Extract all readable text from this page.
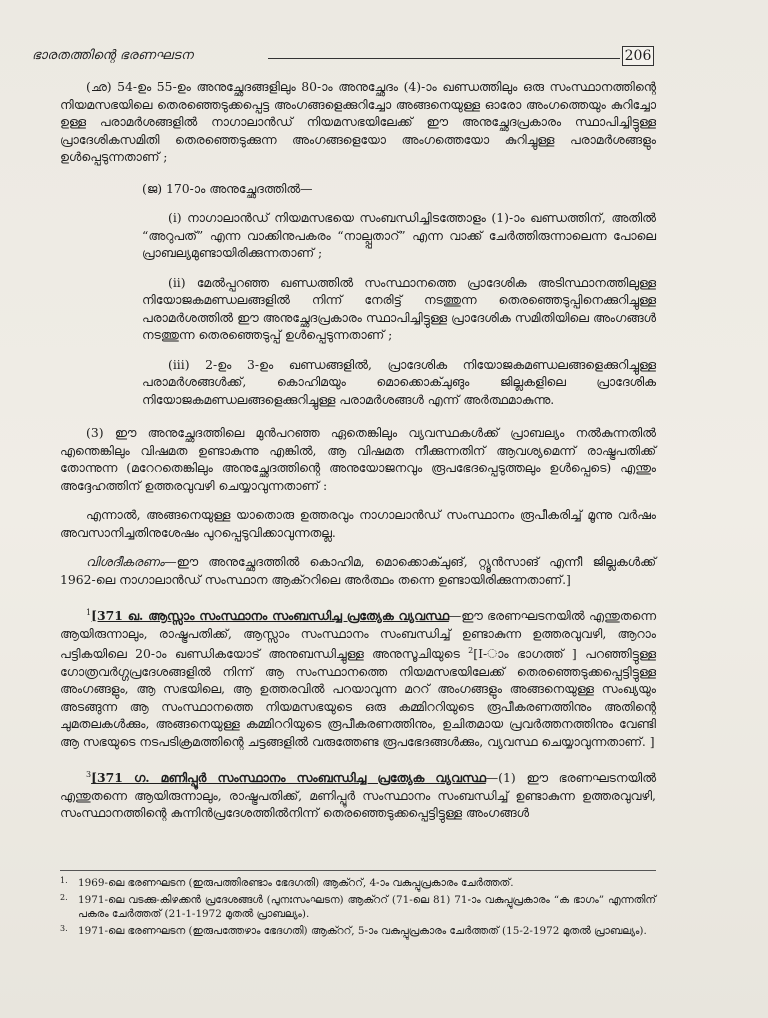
ഭാരതത്തിന്റെ ഭരണഘടന	206

(ഛ) 54-ഉം 55-ഉം അനുച്ഛേദങ്ങളിലും 80-ാം അനുച്ഛേദം (4)-ാം ഖണ്ഡത്തിലും ഒരു സംസ്ഥാനത്തിന്റെ നിയമസഭയിലെ തെരഞ്ഞെടുക്കപ്പെട്ട അംഗങ്ങളെക്കുറിച്ചോ അങ്ങനെയുള്ള ഓരോ അംഗത്തെയും കുറിച്ചോ ഉള്ള പരാമർശങ്ങളിൽ നാഗാലാൻഡ് നിയമസഭയിലേക്ക് ഈ അനുച്ഛേദപ്രകാരം സ്ഥാപിച്ചിട്ടുള്ള പ്രാദേശികസമിതി തെരഞ്ഞെടുക്കുന്ന അംഗങ്ങളെയോ അംഗത്തെയോ കുറിച്ചുള്ള പരാമർശങ്ങളും ഉൾപ്പെടുന്നതാണ് ;

(ജ) 170-ാം അനുച്ഛേദത്തിൽ—

(i) നാഗാലാൻഡ് നിയമസഭയെ സംബന്ധിച്ചിടത്തോളം (1)-ാം ഖണ്ഡത്തിന്, അതിൽ “അറുപത്” എന്ന വാക്കിനുപകരം “നാല്പ്പതാറ്” എന്ന വാക്ക് ചേർത്തിരുന്നാലെന്ന പോലെ പ്രാബല്യമുണ്ടായിരിക്കുന്നതാണ് ;

(ii) മേൽപ്പറഞ്ഞ ഖണ്ഡത്തിൽ സംസ്ഥാനത്തെ പ്രാദേശിക അടിസ്ഥാനത്തിലുള്ള നിയോജകമണ്ഡലങ്ങളിൽ നിന്ന് നേരിട്ട് നടത്തുന്ന തെരഞ്ഞെടുപ്പിനെക്കുറിച്ചുള്ള പരാമർശത്തിൽ ഈ അനുച്ഛേദപ്രകാരം സ്ഥാപിച്ചിട്ടുള്ള പ്രാദേശിക സമിതിയിലെ അംഗങ്ങൾ നടത്തുന്ന തെരഞ്ഞെടുപ്പ് ഉൾപ്പെടുന്നതാണ് ;

(iii) 2-ഉം 3-ഉം ഖണ്ഡങ്ങളിൽ, പ്രാദേശിക നിയോജകമണ്ഡലങ്ങളെക്കുറിച്ചുള്ള പരാമർശങ്ങൾക്ക്, കൊഹിമയും മൊക്കൊക്ചുങും ജില്ലകളിലെ പ്രാദേശിക നിയോജകമണ്ഡലങ്ങളെക്കുറിച്ചുള്ള പരാമർശങ്ങൾ എന്ന് അർത്ഥമാകുന്നു.

(3) ഈ അനുച്ഛേദത്തിലെ മുൻപറഞ്ഞ ഏതെങ്കിലും വ്യവസ്ഥകൾക്ക് പ്രാബല്യം നൽകുന്നതിൽ എന്തെങ്കിലും വിഷമത ഉണ്ടാകുന്നു എങ്കിൽ, ആ വിഷമത നീക്കുന്നതിന് ആവശ്യമെന്ന് രാഷ്ട്രപതിക്ക് തോന്നുന്ന (മറേറതെങ്കിലും അനുച്ഛേദത്തിന്റെ അനുയോജനവും രൂപഭേദപ്പെടുത്തലും ഉൾപ്പെടെ) എന്തും അദ്ദേഹത്തിന് ഉത്തരവുവഴി ചെയ്യാവുന്നതാണ് :

എന്നാൽ, അങ്ങനെയുള്ള യാതൊരു ഉത്തരവും നാഗാലാൻഡ് സംസ്ഥാനം രൂപീകരിച്ച് മൂന്നു വർഷം അവസാനിച്ചതിനുശേഷം പുറപ്പെടുവിക്കാവുന്നതല്ല.

വിശദീകരണം—ഈ അനുച്ഛേദത്തിൽ കൊഹിമ, മൊക്കൊക്ചുങ്, റ്റ്യൂൻസാങ് എന്നീ ജില്ലകൾക്ക് 1962-ലെ നാഗാലാൻഡ് സംസ്ഥാന ആക്ററിലെ അർത്ഥം തന്നെ ഉണ്ടായിരിക്കുന്നതാണ്.]

$^1$[371 ഖ. ആസ്സാം സംസ്ഥാനം സംബന്ധിച്ച പ്രത്യേക വ്യവസ്ഥ—ഈ ഭരണഘടനയിൽ എന്തുതന്നെ ആയിരുന്നാലും, രാഷ്ട്രപതിക്ക്, ആസ്സാം സംസ്ഥാനം സംബന്ധിച്ച് ഉണ്ടാകുന്ന ഉത്തരവുവഴി, ആറാം പട്ടികയിലെ 20-ാം ഖണ്ഡികയോട് അനുബന്ധിച്ചുള്ള അനുസൂചിയുടെ $^2$[I-ാം ഭാഗത്ത് ] പറഞ്ഞിട്ടുള്ള ഗോത്രവർഗ്ഗപ്രദേശങ്ങളിൽ നിന്ന് ആ സംസ്ഥാനത്തെ നിയമസഭയിലേക്ക് തെരഞ്ഞെടുക്കപ്പെട്ടിട്ടുള്ള അംഗങ്ങളും, ആ സഭയിലെ, ആ ഉത്തരവിൽ പറയാവുന്ന മററ് അംഗങ്ങളും അങ്ങനെയുള്ള സംഖ്യയും അടങ്ങുന്ന ആ സംസ്ഥാനത്തെ നിയമസഭയുടെ ഒരു കമ്മിററിയുടെ രൂപീകരണത്തിനും അതിന്റെ ചുമതലകൾക്കും, അങ്ങനെയുള്ള കമ്മിററിയുടെ രൂപീകരണത്തിനും, ഉചിതമായ പ്രവർത്തനത്തിനും വേണ്ടി ആ സഭയുടെ നടപടിക്രമത്തിന്റെ ചട്ടങ്ങളിൽ വരുത്തേണ്ട രൂപഭേദങ്ങൾക്കും, വ്യവസ്ഥ ചെയ്യാവുന്നതാണ്. ]

$^3$[371 ഗ. മണിപ്പൂർ സംസ്ഥാനം സംബന്ധിച്ച പ്രത്യേക വ്യവസ്ഥ—(1) ഈ ഭരണഘടനയിൽ എന്തുതന്നെ ആയിരുന്നാലും, രാഷ്ട്രപതിക്ക്, മണിപ്പൂർ സംസ്ഥാനം സംബന്ധിച്ച് ഉണ്ടാകുന്ന ഉത്തരവുവഴി, സംസ്ഥാനത്തിന്റെ കുന്നിൻപ്രദേശത്തിൽനിന്ന് തെരഞ്ഞെടുക്കപ്പെട്ടിട്ടുള്ള അംഗങ്ങൾ

1. 1969-ലെ ഭരണഘടന (ഇരുപത്തിരണ്ടാം ഭേദഗതി) ആക്ററ്, 4-ാം വകുപ്പുപ്രകാരം ചേർത്തത്.
2. 1971-ലെ വടക്കു-കിഴക്കൻ പ്രദേശങ്ങൾ (പുനഃസംഘടന) ആക്ററ് (71-ലെ 81) 71-ാം വകുപ്പുപ്രകാരം “ക ഭാഗം” എന്നതിന് പകരം ചേർത്തത് (21-1-1972 മുതൽ പ്രാബല്യം).
3. 1971-ലെ ഭരണഘടന (ഇരുപത്തേഴാം ഭേദഗതി) ആക്ററ്, 5-ാം വകുപ്പുപ്രകാരം ചേർത്തത് (15-2-1972 മുതൽ പ്രാബല്യം).
